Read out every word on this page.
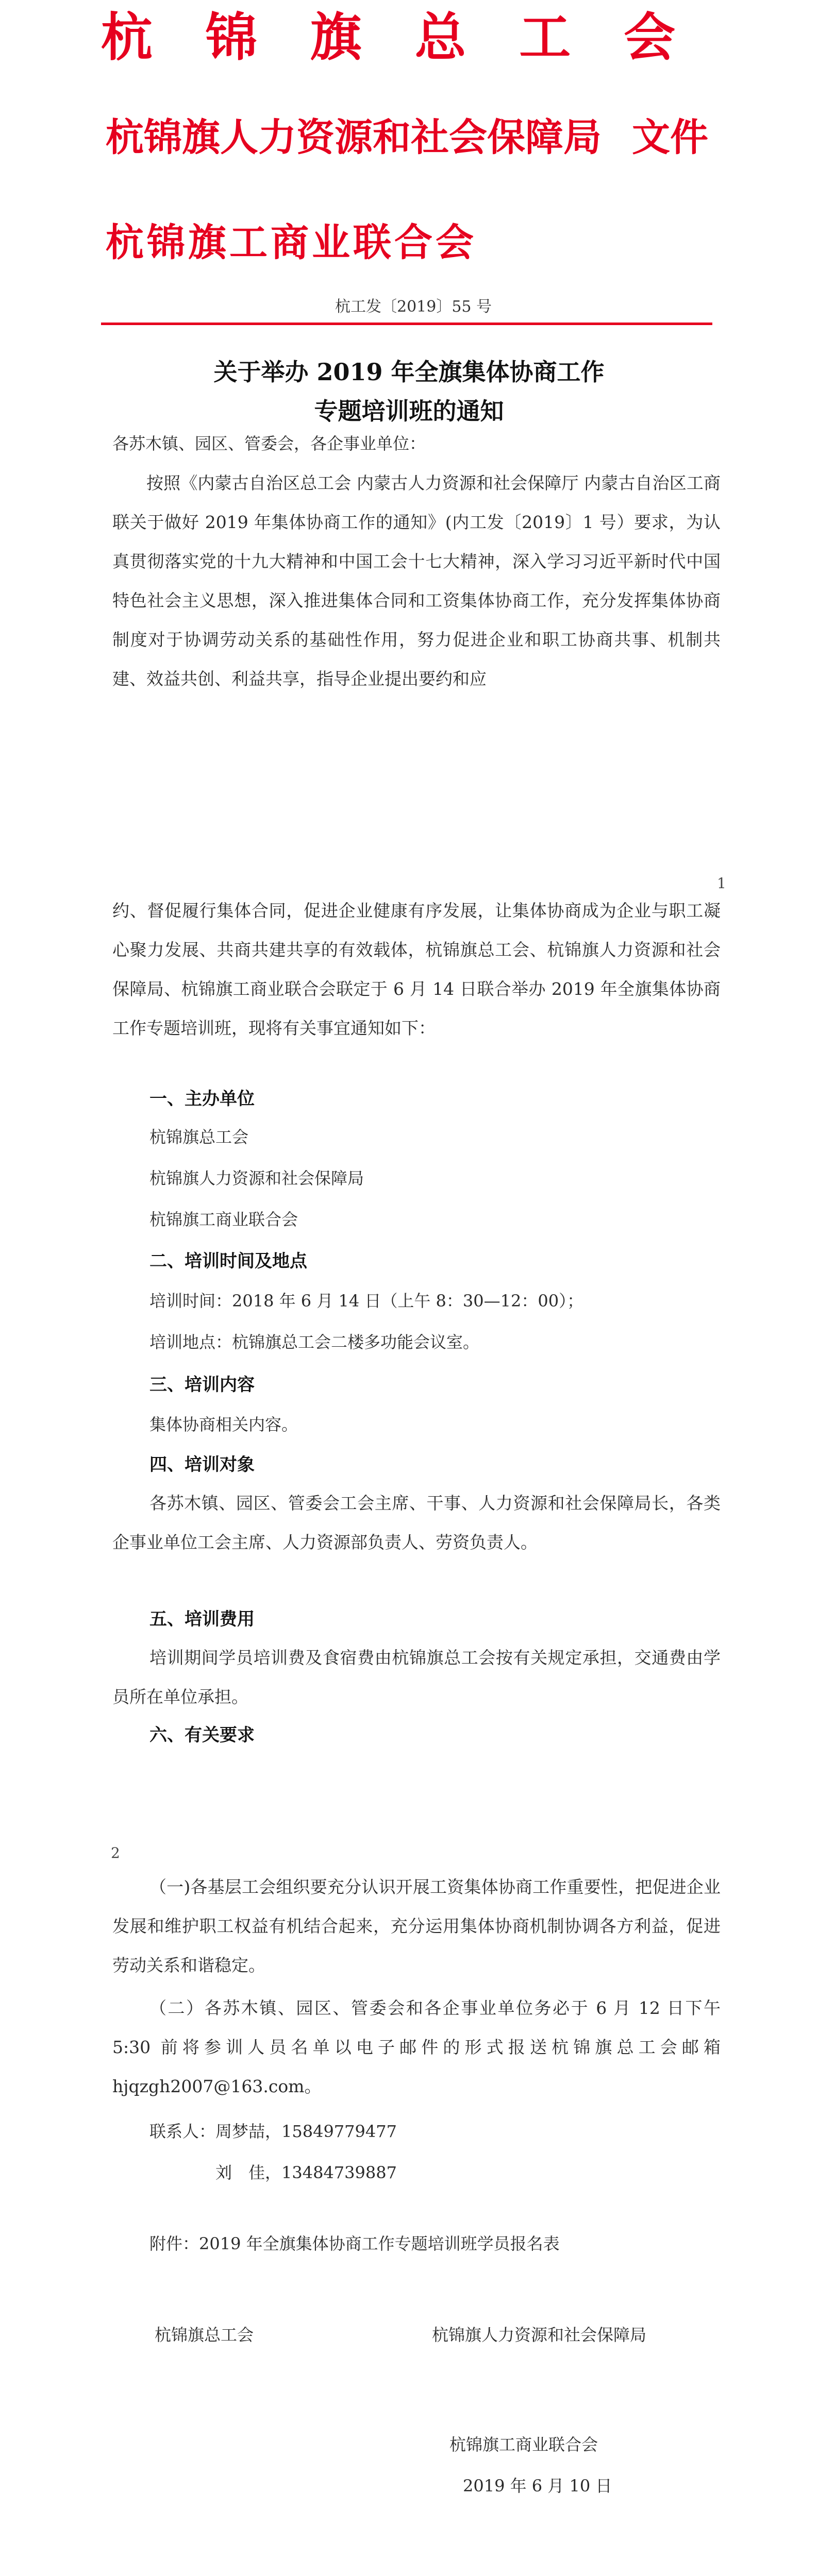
杭 锦 旗 总 工 会
杭锦旗人力资源和社会保障局 文件
杭锦旗工商业联合会
杭工发〔2019〕55 号
关于举办 2019 年全旗集体协商工作
专题培训班的通知
各苏木镇、园区、管委会，各企事业单位：
按照《内蒙古自治区总工会 内蒙古人力资源和社会保障厅 内蒙古自治区工商联关于做好 2019 年集体协商工作的通知》(内工发〔2019〕1 号）要求，为认真贯彻落实党的十九大精神和中国工会十七大精神，深入学习习近平新时代中国特色社会主义思想，深入推进集体合同和工资集体协商工作，充分发挥集体协商制度对于协调劳动关系的基础性作用，努力促进企业和职工协商共事、机制共建、效益共创、利益共享，指导企业提出要约和应
1
约、督促履行集体合同，促进企业健康有序发展，让集体协商成为企业与职工凝心聚力发展、共商共建共享的有效载体，杭锦旗总工会、杭锦旗人力资源和社会保障局、杭锦旗工商业联合会联定于 6 月 14 日联合举办 2019 年全旗集体协商工作专题培训班，现将有关事宜通知如下：
一、主办单位
杭锦旗总工会
杭锦旗人力资源和社会保障局
杭锦旗工商业联合会
二、培训时间及地点
培训时间：2018 年 6 月 14 日（上午 8：30—12：00）；
培训地点：杭锦旗总工会二楼多功能会议室。
三、培训内容
集体协商相关内容。
四、培训对象
各苏木镇、园区、管委会工会主席、干事、人力资源和社会保障局长，各类企事业单位工会主席、人力资源部负责人、劳资负责人。
五、培训费用
培训期间学员培训费及食宿费由杭锦旗总工会按有关规定承担，交通费由学员所在单位承担。
六、有关要求
2
（一)各基层工会组织要充分认识开展工资集体协商工作重要性，把促进企业发展和维护职工权益有机结合起来，充分运用集体协商机制协调各方利益，促进劳动关系和谐稳定。
（二）各苏木镇、园区、管委会和各企事业单位务必于 6 月 12 日下午 5:30 前将参训人员名单以电子邮件的形式报送杭锦旗总工会邮箱 hjqzgh2007@163.com。
联系人：周梦喆，15849779477
刘　佳，13484739887
附件：2019 年全旗集体协商工作专题培训班学员报名表
杭锦旗总工会	杭锦旗人力资源和社会保障局
杭锦旗工商业联合会
2019 年 6 月 10 日
